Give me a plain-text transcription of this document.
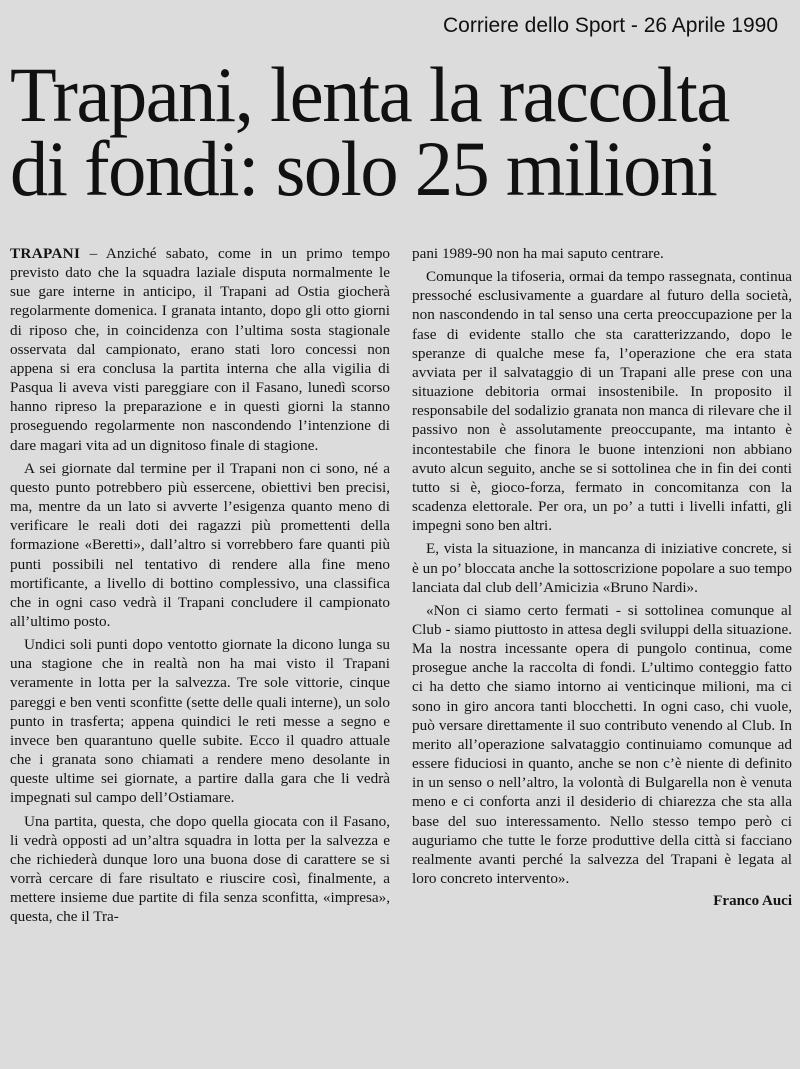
Corriere dello Sport - 26 Aprile 1990
Trapani, lenta la raccolta
di fondi: solo 25 milioni

TRAPANI – Anziché sabato, come in un primo tempo previsto dato che la squadra laziale disputa normalmente le sue gare interne in anticipo, il Trapani ad Ostia giocherà regolarmente domenica. I granata intanto, dopo gli otto giorni di riposo che, in coincidenza con l’ultima sosta stagionale osservata dal campionato, erano stati loro concessi non appena si era conclusa la partita interna che alla vigilia di Pasqua li aveva visti pareggiare con il Fasano, lunedì scorso hanno ripreso la preparazione e in questi giorni la stanno proseguendo regolarmente non nascondendo l’intenzione di dare magari vita ad un dignitoso finale di stagione.

A sei giornate dal termine per il Trapani non ci sono, né a questo punto potrebbero più essercene, obiettivi ben precisi, ma, mentre da un lato si avverte l’esigenza quanto meno di verificare le reali doti dei ragazzi più promettenti della formazione «Beretti», dall’altro si vorrebbero fare quanti più punti possibili nel tentativo di rendere alla fine meno mortificante, a livello di bottino complessivo, una classifica che in ogni caso vedrà il Trapani concludere il campionato all’ultimo posto.

Undici soli punti dopo ventotto giornate la dicono lunga su una stagione che in realtà non ha mai visto il Trapani veramente in lotta per la salvezza. Tre sole vittorie, cinque pareggi e ben venti sconfitte (sette delle quali interne), un solo punto in trasferta; appena quindici le reti messe a segno e invece ben quarantuno quelle subite. Ecco il quadro attuale che i granata sono chiamati a rendere meno desolante in queste ultime sei giornate, a partire dalla gara che li vedrà impegnati sul campo dell’Ostiamare.

Una partita, questa, che dopo quella giocata con il Fasano, li vedrà opposti ad un’altra squadra in lotta per la salvezza e che richiederà dunque loro una buona dose di carattere se si vorrà cercare di fare risultato e riuscire così, finalmente, a mettere insieme due partite di fila senza sconfitta, «impresa», questa, che il Tra-

pani 1989-90 non ha mai saputo centrare.

Comunque la tifoseria, ormai da tempo rassegnata, continua pressoché esclusivamente a guardare al futuro della società, non nascondendo in tal senso una certa preoccupazione per la fase di evidente stallo che sta caratterizzando, dopo le speranze di qualche mese fa, l’operazione che era stata avviata per il salvataggio di un Trapani alle prese con una situazione debitoria ormai insostenibile. In proposito il responsabile del sodalizio granata non manca di rilevare che il passivo non è assolutamente preoccupante, ma intanto è incontestabile che finora le buone intenzioni non abbiano avuto alcun seguito, anche se si sottolinea che in fin dei conti tutto si è, gioco-forza, fermato in concomitanza con la scadenza elettorale. Per ora, un po’ a tutti i livelli infatti, gli impegni sono ben altri.

E, vista la situazione, in mancanza di iniziative concrete, si è un po’ bloccata anche la sottoscrizione popolare a suo tempo lanciata dal club dell’Amicizia «Bruno Nardi».

«Non ci siamo certo fermati - si sottolinea comunque al Club - siamo piuttosto in attesa degli sviluppi della situazione. Ma la nostra incessante opera di pungolo continua, come prosegue anche la raccolta di fondi. L’ultimo conteggio fatto ci ha detto che siamo intorno ai venticinque milioni, ma ci sono in giro ancora tanti blocchetti. In ogni caso, chi vuole, può versare direttamente il suo contributo venendo al Club. In merito all’operazione salvataggio continuiamo comunque ad essere fiduciosi in quanto, anche se non c’è niente di definito in un senso o nell’altro, la volontà di Bulgarella non è venuta meno e ci conforta anzi il desiderio di chiarezza che sta alla base del suo interessamento. Nello stesso tempo però ci auguriamo che tutte le forze produttive della città si facciano realmente avanti perché la salvezza del Trapani è legata al loro concreto intervento».

Franco Auci
